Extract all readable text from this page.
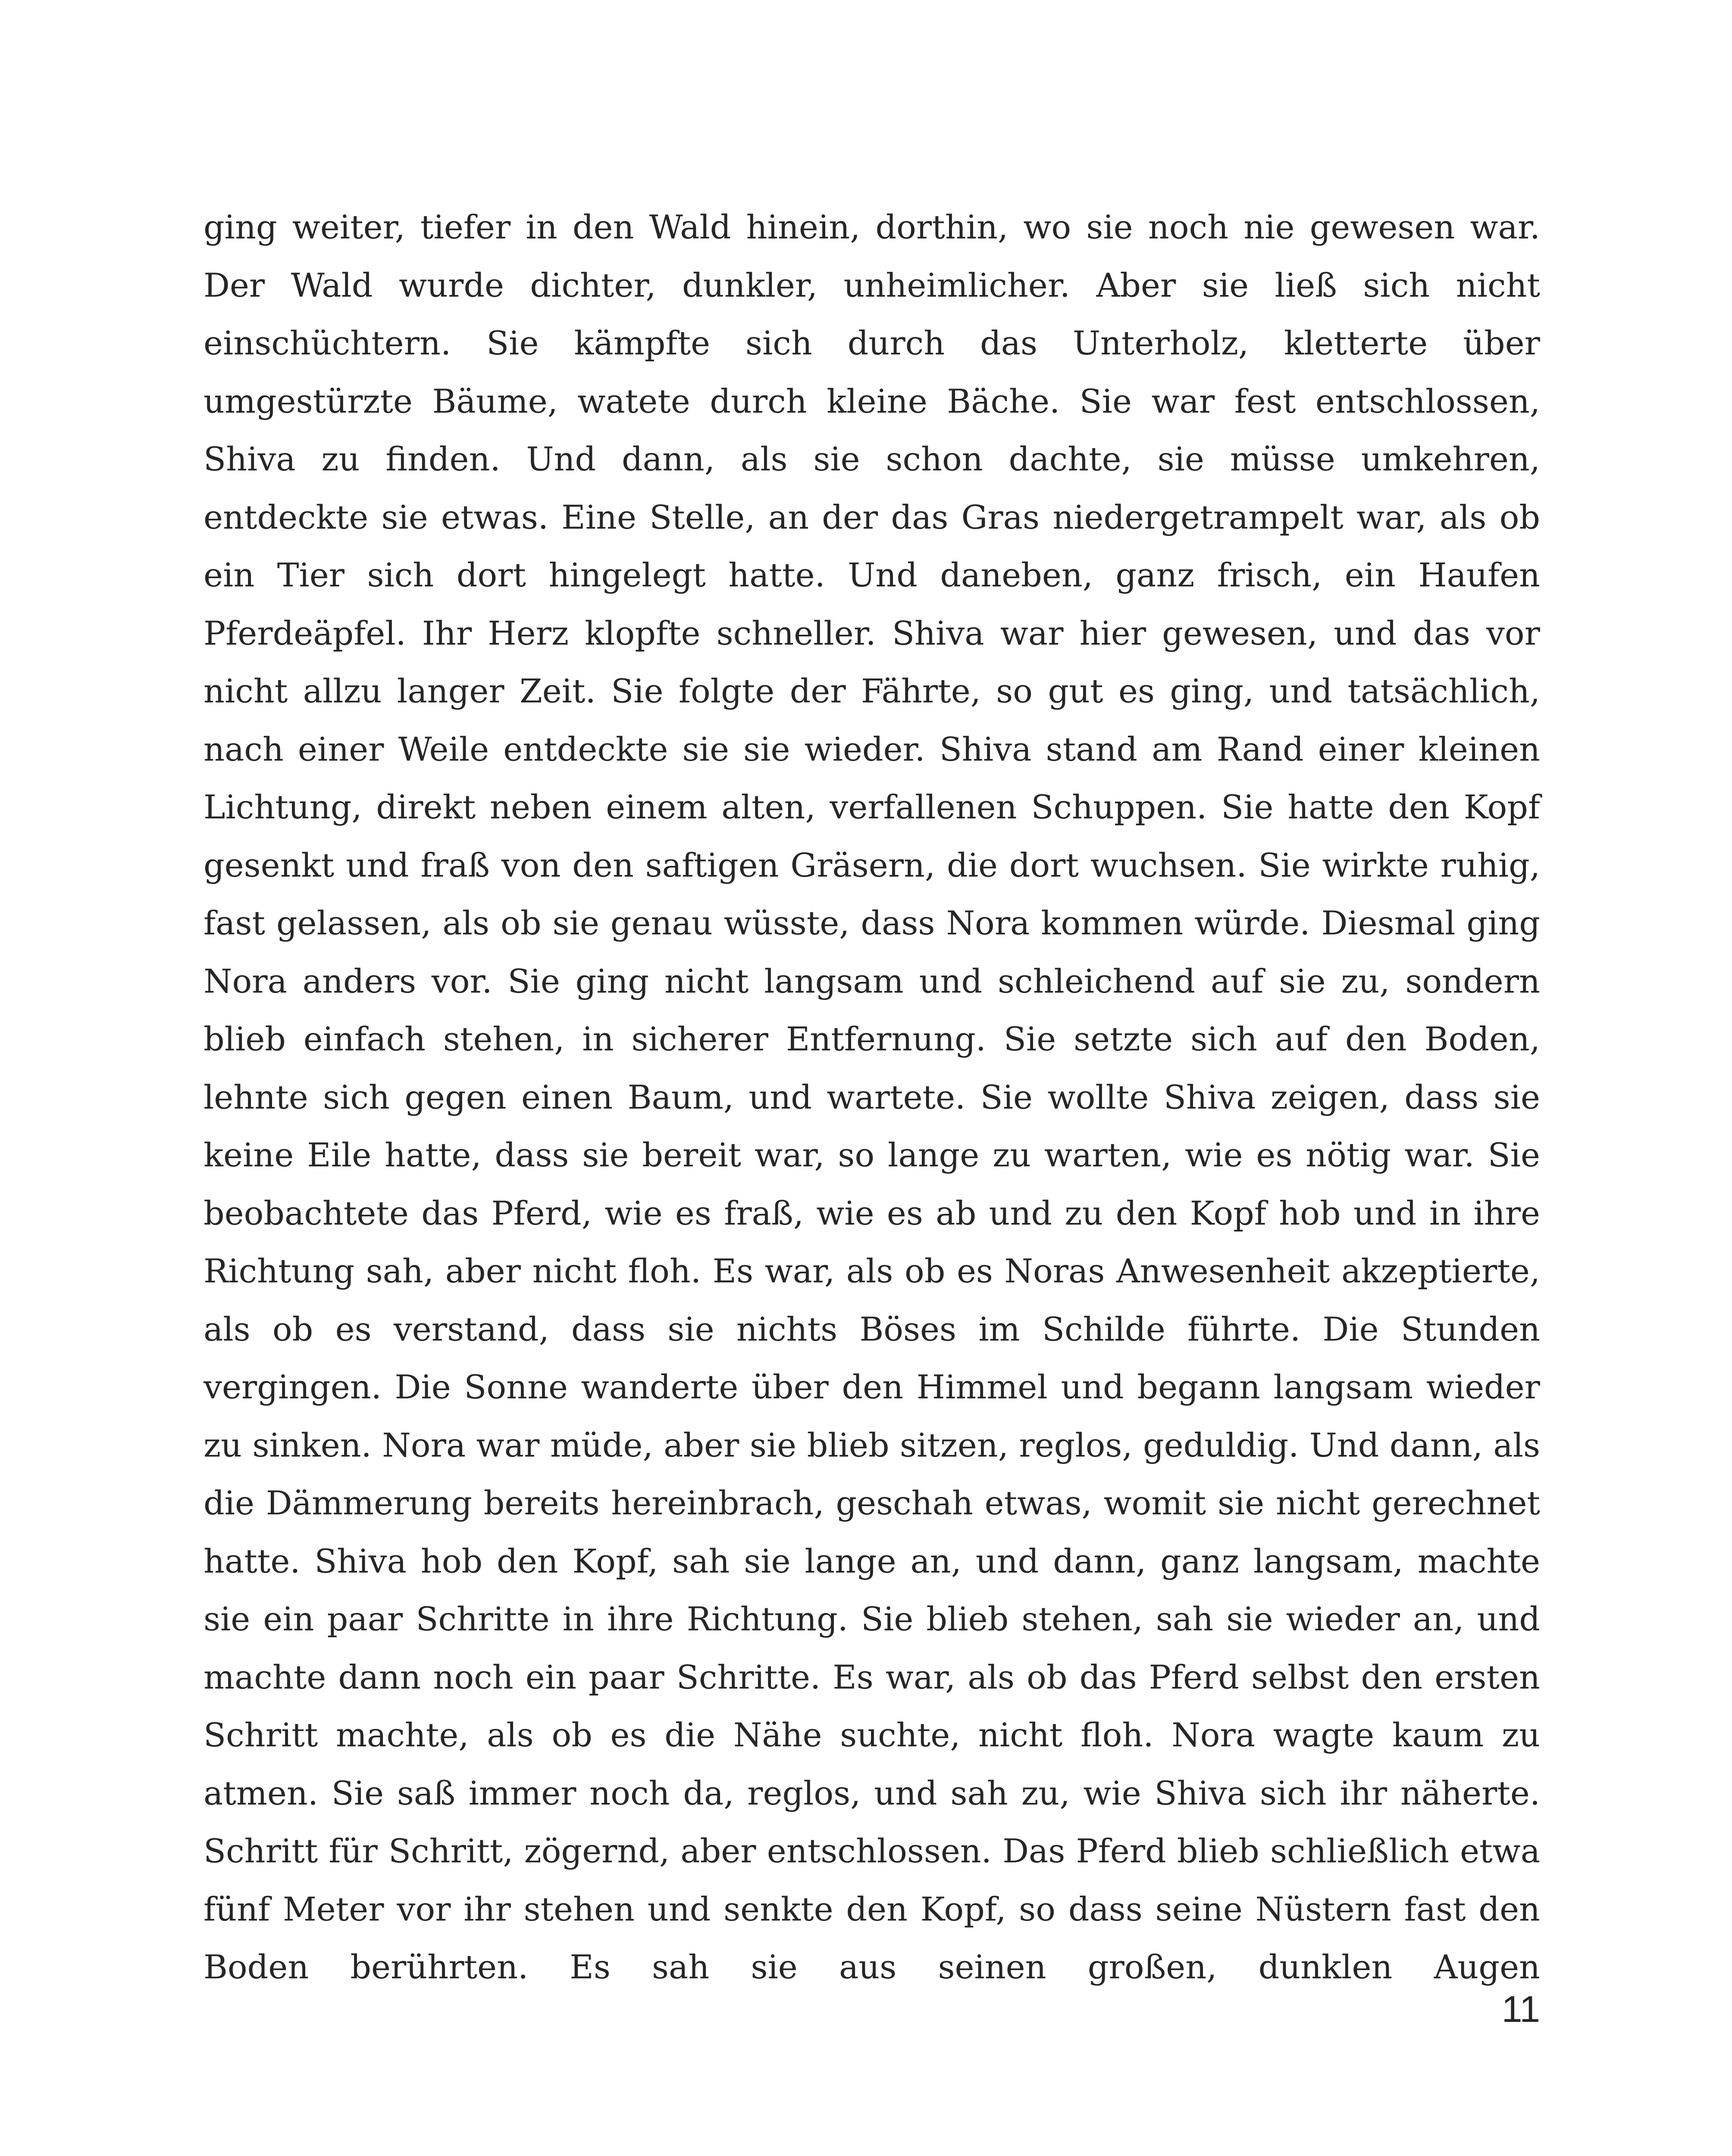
ging weiter, tiefer in den Wald hinein, dorthin, wo sie noch nie gewesen war. Der Wald wurde dichter, dunkler, unheimlicher. Aber sie ließ sich nicht einschüchtern. Sie kämpfte sich durch das Unterholz, kletterte über umgestürzte Bäume, watete durch kleine Bäche. Sie war fest entschlossen, Shiva zu finden. Und dann, als sie schon dachte, sie müsse umkehren, entdeckte sie etwas. Eine Stelle, an der das Gras niedergetrampelt war, als ob ein Tier sich dort hingelegt hatte. Und daneben, ganz frisch, ein Haufen Pferdeäpfel. Ihr Herz klopfte schneller. Shiva war hier gewesen, und das vor nicht allzu langer Zeit. Sie folgte der Fährte, so gut es ging, und tatsächlich, nach einer Weile entdeckte sie sie wieder. Shiva stand am Rand einer kleinen Lichtung, direkt neben einem alten, verfallenen Schuppen. Sie hatte den Kopf gesenkt und fraß von den saftigen Gräsern, die dort wuchsen. Sie wirkte ruhig, fast gelassen, als ob sie genau wüsste, dass Nora kommen würde. Diesmal ging Nora anders vor. Sie ging nicht langsam und schleichend auf sie zu, sondern blieb einfach stehen, in sicherer Entfernung. Sie setzte sich auf den Boden, lehnte sich gegen einen Baum, und wartete. Sie wollte Shiva zeigen, dass sie keine Eile hatte, dass sie bereit war, so lange zu warten, wie es nötig war. Sie beobachtete das Pferd, wie es fraß, wie es ab und zu den Kopf hob und in ihre Richtung sah, aber nicht floh. Es war, als ob es Noras Anwesenheit akzeptierte, als ob es verstand, dass sie nichts Böses im Schilde führte. Die Stunden vergingen. Die Sonne wanderte über den Himmel und begann langsam wieder zu sinken. Nora war müde, aber sie blieb sitzen, reglos, geduldig. Und dann, als die Dämmerung bereits hereinbrach, geschah etwas, womit sie nicht gerechnet hatte. Shiva hob den Kopf, sah sie lange an, und dann, ganz langsam, machte sie ein paar Schritte in ihre Richtung. Sie blieb stehen, sah sie wieder an, und machte dann noch ein paar Schritte. Es war, als ob das Pferd selbst den ersten Schritt machte, als ob es die Nähe suchte, nicht floh. Nora wagte kaum zu atmen. Sie saß immer noch da, reglos, und sah zu, wie Shiva sich ihr näherte. Schritt für Schritt, zögernd, aber entschlossen. Das Pferd blieb schließlich etwa fünf Meter vor ihr stehen und senkte den Kopf, so dass seine Nüstern fast den Boden berührten. Es sah sie aus seinen großen, dunklen Augen

11
